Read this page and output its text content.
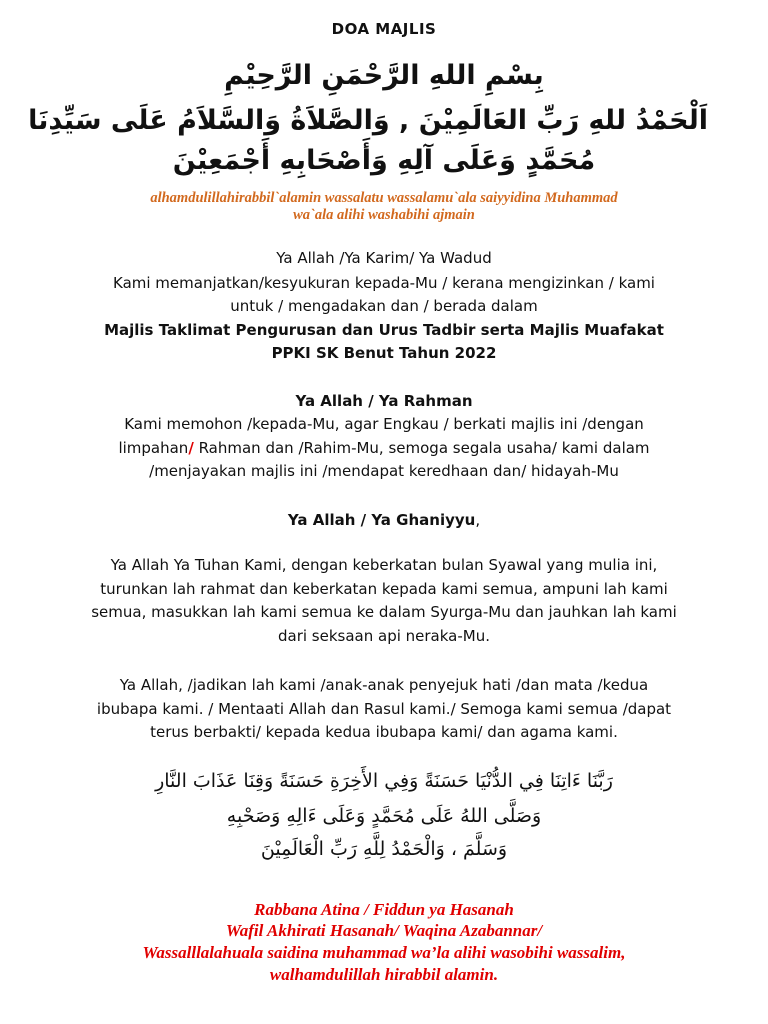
DOA MAJLIS
بِسْمِ اللهِ الرَّحْمَنِ الرَّحِيْمِ
اَلْحَمْدُ للهِ رَبِّ العَالَمِيْنَ , وَالصَّلاَةُ وَالسَّلاَمُ عَلَى سَيِّدِنَا
مُحَمَّدٍ وَعَلَى آلِهِ وَأَصْحَابِهِ أَجْمَعِيْنَ
alhamdulillahirabbil`alamin wassalatu wassalamu`ala saiyyidina Muhammad
wa`ala alihi washabihi ajmain
Ya Allah /Ya Karim/ Ya Wadud
Kami memanjatkan/kesyukuran kepada-Mu / kerana mengizinkan / kami
untuk / mengadakan dan / berada dalam
Majlis Taklimat Pengurusan dan Urus Tadbir serta Majlis Muafakat
PPKI SK Benut Tahun 2022
Ya Allah / Ya Rahman
Kami memohon /kepada-Mu, agar Engkau / berkati majlis ini /dengan
limpahan/ Rahman dan /Rahim-Mu, semoga segala usaha/ kami dalam
/menjayakan majlis ini /mendapat keredhaan dan/ hidayah-Mu
Ya Allah / Ya Ghaniyyu,
Ya Allah Ya Tuhan Kami, dengan keberkatan bulan Syawal yang mulia ini,
turunkan lah rahmat dan keberkatan kepada kami semua, ampuni lah kami
semua, masukkan lah kami semua ke dalam Syurga-Mu dan jauhkan lah kami
dari seksaan api neraka-Mu.
Ya Allah, /jadikan lah kami /anak-anak penyejuk hati /dan mata /kedua
ibubapa kami. / Mentaati Allah dan Rasul kami./ Semoga kami semua /dapat
terus berbakti/ kepada kedua ibubapa kami/ dan agama kami.
رَبَّنَا ءَاتِنَا فِي الدُّنْيَا حَسَنَةً وَفِي الأَخِرَةِ حَسَنَةً وَقِنَا عَذَابَ النَّارِ
وَصَلَّى اللهُ عَلَى مُحَمَّدٍ وَعَلَى ءَالِهِ وَصَحْبِهِ
وَسَلَّمَ ، وَالْحَمْدُ لِلَّهِ رَبِّ الْعَالَمِيْنَ
Rabbana Atina / Fiddun ya Hasanah
Wafil Akhirati Hasanah/ Waqina Azabannar/
Wassalllalahuala saidina muhammad wa’la alihi wasobihi wassalim,
walhamdulillah hirabbil alamin.
